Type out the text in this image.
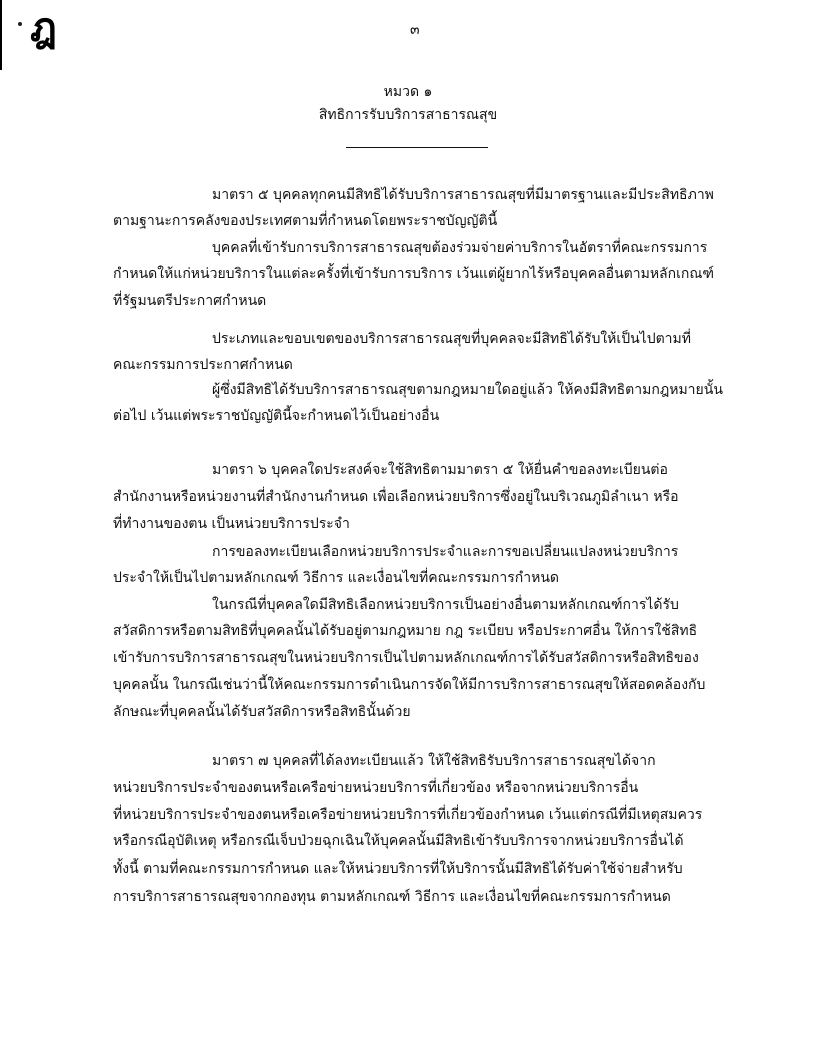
ฎ	๓
หมวด ๑
สิทธิการรับบริการสาธารณสุข
มาตรา ๕ บุคคลทุกคนมีสิทธิได้รับบริการสาธารณสุขที่มีมาตรฐานและมีประสิทธิภาพ
ตามฐานะการคลังของประเทศตามที่กำหนดโดยพระราชบัญญัตินี้
บุคคลที่เข้ารับการบริการสาธารณสุขต้องร่วมจ่ายค่าบริการในอัตราที่คณะกรรมการ
กำหนดให้แก่หน่วยบริการในแต่ละครั้งที่เข้ารับการบริการ เว้นแต่ผู้ยากไร้หรือบุคคลอื่นตามหลักเกณฑ์
ที่รัฐมนตรีประกาศกำหนด
ประเภทและขอบเขตของบริการสาธารณสุขที่บุคคลจะมีสิทธิได้รับให้เป็นไปตามที่
คณะกรรมการประกาศกำหนด
ผู้ซึ่งมีสิทธิได้รับบริการสาธารณสุขตามกฎหมายใดอยู่แล้ว ให้คงมีสิทธิตามกฎหมายนั้น
ต่อไป เว้นแต่พระราชบัญญัตินี้จะกำหนดไว้เป็นอย่างอื่น
มาตรา ๖ บุคคลใดประสงค์จะใช้สิทธิตามมาตรา ๕ ให้ยื่นคำขอลงทะเบียนต่อ
สำนักงานหรือหน่วยงานที่สำนักงานกำหนด เพื่อเลือกหน่วยบริการซึ่งอยู่ในบริเวณภูมิลำเนา หรือ
ที่ทำงานของตน เป็นหน่วยบริการประจำ
การขอลงทะเบียนเลือกหน่วยบริการประจำและการขอเปลี่ยนแปลงหน่วยบริการ
ประจำให้เป็นไปตามหลักเกณฑ์ วิธีการ และเงื่อนไขที่คณะกรรมการกำหนด
ในกรณีที่บุคคลใดมีสิทธิเลือกหน่วยบริการเป็นอย่างอื่นตามหลักเกณฑ์การได้รับ
สวัสดิการหรือตามสิทธิที่บุคคลนั้นได้รับอยู่ตามกฎหมาย กฎ ระเบียบ หรือประกาศอื่น ให้การใช้สิทธิ
เข้ารับการบริการสาธารณสุขในหน่วยบริการเป็นไปตามหลักเกณฑ์การได้รับสวัสดิการหรือสิทธิของ
บุคคลนั้น ในกรณีเช่นว่านี้ให้คณะกรรมการดำเนินการจัดให้มีการบริการสาธารณสุขให้สอดคล้องกับ
ลักษณะที่บุคคลนั้นได้รับสวัสดิการหรือสิทธินั้นด้วย
มาตรา ๗ บุคคลที่ได้ลงทะเบียนแล้ว ให้ใช้สิทธิรับบริการสาธารณสุขได้จาก
หน่วยบริการประจำของตนหรือเครือข่ายหน่วยบริการที่เกี่ยวข้อง หรือจากหน่วยบริการอื่น
ที่หน่วยบริการประจำของตนหรือเครือข่ายหน่วยบริการที่เกี่ยวข้องกำหนด เว้นแต่กรณีที่มีเหตุสมควร
หรือกรณีอุบัติเหตุ หรือกรณีเจ็บป่วยฉุกเฉินให้บุคคลนั้นมีสิทธิเข้ารับบริการจากหน่วยบริการอื่นได้
ทั้งนี้ ตามที่คณะกรรมการกำหนด และให้หน่วยบริการที่ให้บริการนั้นมีสิทธิได้รับค่าใช้จ่ายสำหรับ
การบริการสาธารณสุขจากกองทุน ตามหลักเกณฑ์ วิธีการ และเงื่อนไขที่คณะกรรมการกำหนด
